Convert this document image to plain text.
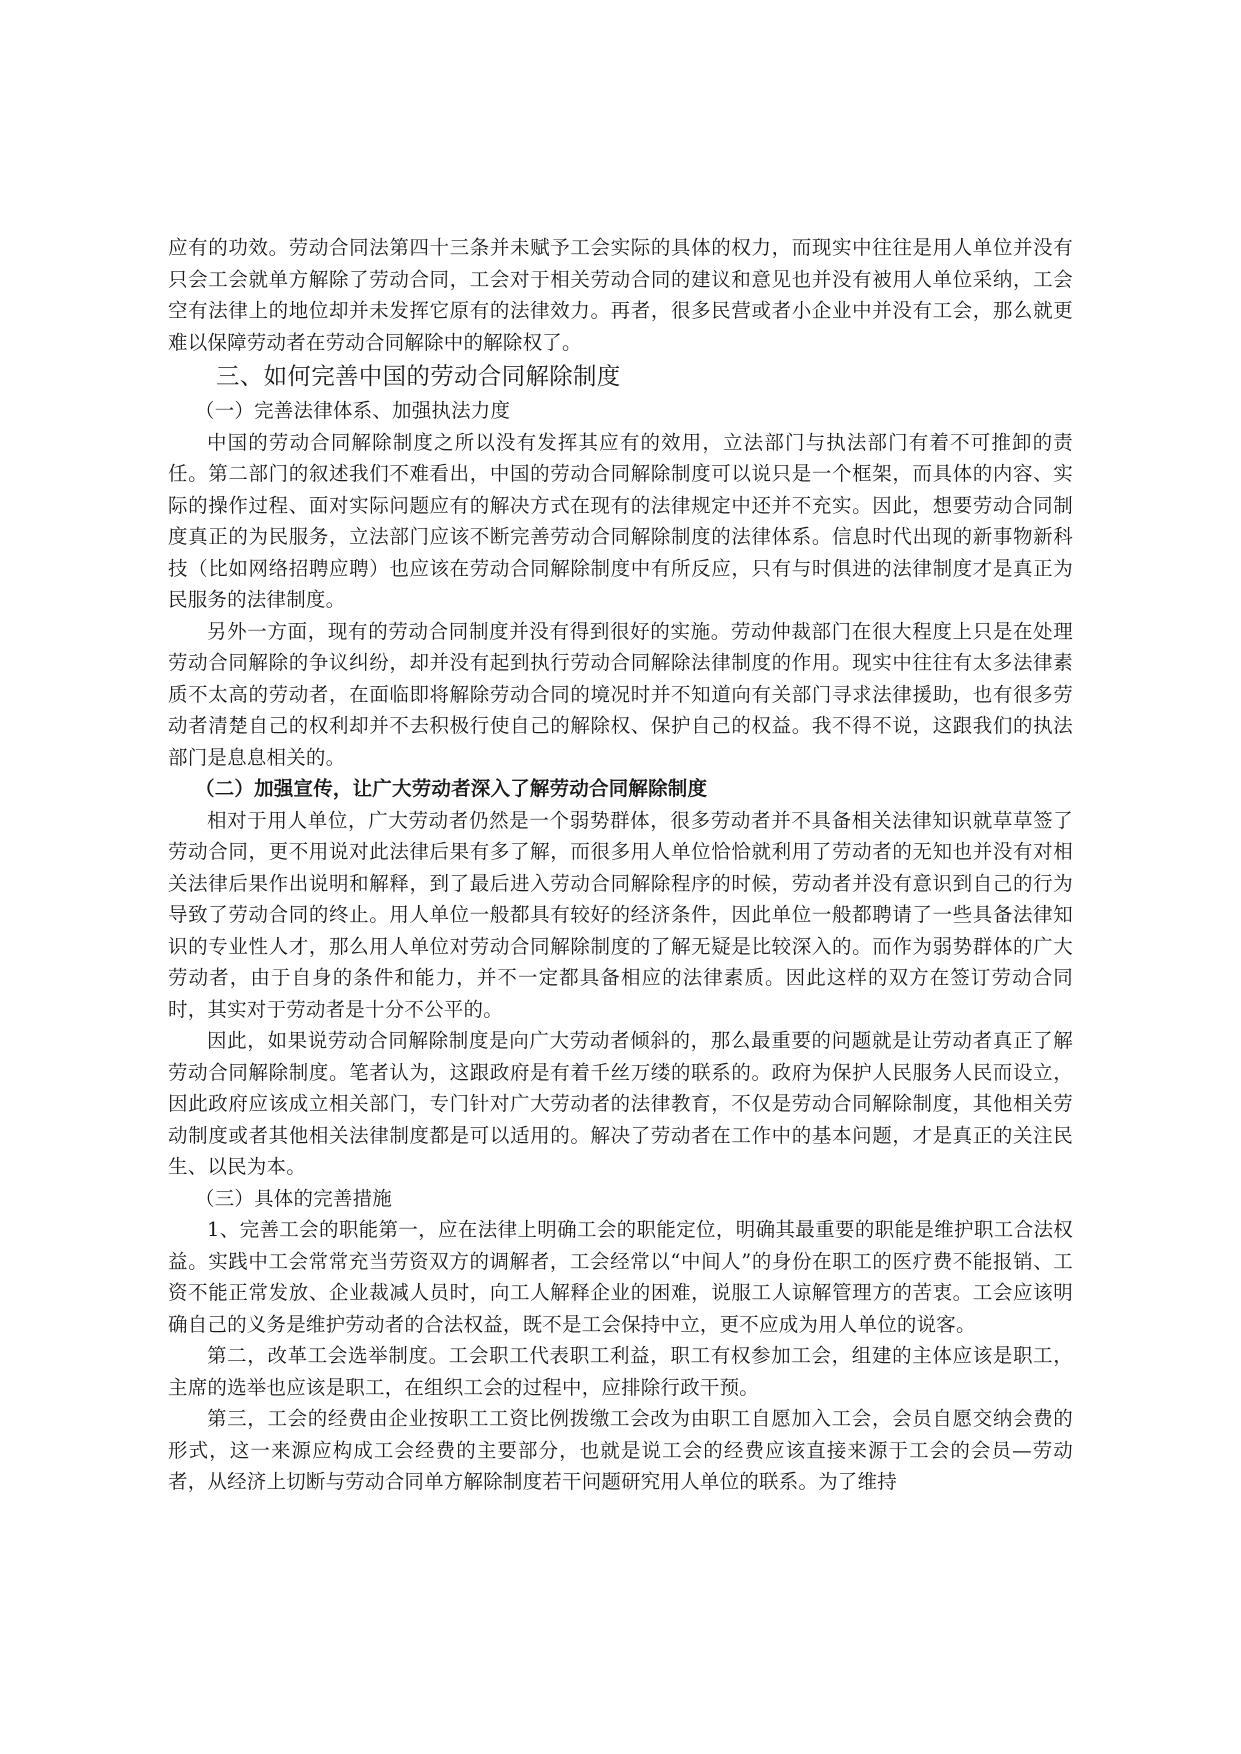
应有的功效。劳动合同法第四十三条并未赋予工会实际的具体的权力，而现实中往往是用人单位并没有只会工会就单方解除了劳动合同，工会对于相关劳动合同的建议和意见也并没有被用人单位采纳，工会空有法律上的地位却并未发挥它原有的法律效力。再者，很多民营或者小企业中并没有工会，那么就更难以保障劳动者在劳动合同解除中的解除权了。

三、如何完善中国的劳动合同解除制度
（一）完善法律体系、加强执法力度

中国的劳动合同解除制度之所以没有发挥其应有的效用，立法部门与执法部门有着不可推卸的责任。第二部门的叙述我们不难看出，中国的劳动合同解除制度可以说只是一个框架，而具体的内容、实际的操作过程、面对实际问题应有的解决方式在现有的法律规定中还并不充实。因此，想要劳动合同制度真正的为民服务，立法部门应该不断完善劳动合同解除制度的法律体系。信息时代出现的新事物新科技（比如网络招聘应聘）也应该在劳动合同解除制度中有所反应，只有与时俱进的法律制度才是真正为民服务的法律制度。

另外一方面，现有的劳动合同制度并没有得到很好的实施。劳动仲裁部门在很大程度上只是在处理劳动合同解除的争议纠纷，却并没有起到执行劳动合同解除法律制度的作用。现实中往往有太多法律素质不太高的劳动者，在面临即将解除劳动合同的境况时并不知道向有关部门寻求法律援助，也有很多劳动者清楚自己的权利却并不去积极行使自己的解除权、保护自己的权益。我不得不说，这跟我们的执法部门是息息相关的。

（二）加强宣传，让广大劳动者深入了解劳动合同解除制度

相对于用人单位，广大劳动者仍然是一个弱势群体，很多劳动者并不具备相关法律知识就草草签了劳动合同，更不用说对此法律后果有多了解，而很多用人单位恰恰就利用了劳动者的无知也并没有对相关法律后果作出说明和解释，到了最后进入劳动合同解除程序的时候，劳动者并没有意识到自己的行为导致了劳动合同的终止。用人单位一般都具有较好的经济条件，因此单位一般都聘请了一些具备法律知识的专业性人才，那么用人单位对劳动合同解除制度的了解无疑是比较深入的。而作为弱势群体的广大劳动者，由于自身的条件和能力，并不一定都具备相应的法律素质。因此这样的双方在签订劳动合同时，其实对于劳动者是十分不公平的。

因此，如果说劳动合同解除制度是向广大劳动者倾斜的，那么最重要的问题就是让劳动者真正了解劳动合同解除制度。笔者认为，这跟政府是有着千丝万缕的联系的。政府为保护人民服务人民而设立，因此政府应该成立相关部门，专门针对广大劳动者的法律教育，不仅是劳动合同解除制度，其他相关劳动制度或者其他相关法律制度都是可以适用的。解决了劳动者在工作中的基本问题，才是真正的关注民生、以民为本。

（三）具体的完善措施

1、完善工会的职能第一，应在法律上明确工会的职能定位，明确其最重要的职能是维护职工合法权益。实践中工会常常充当劳资双方的调解者，工会经常以“中间人”的身份在职工的医疗费不能报销、工资不能正常发放、企业裁减人员时，向工人解释企业的困难，说服工人谅解管理方的苦衷。工会应该明确自己的义务是维护劳动者的合法权益，既不是工会保持中立，更不应成为用人单位的说客。

第二，改革工会选举制度。工会职工代表职工利益，职工有权参加工会，组建的主体应该是职工，主席的选举也应该是职工，在组织工会的过程中，应排除行政干预。

第三，工会的经费由企业按职工工资比例拨缴工会改为由职工自愿加入工会，会员自愿交纳会费的形式，这一来源应构成工会经费的主要部分，也就是说工会的经费应该直接来源于工会的会员—劳动者，从经济上切断与劳动合同单方解除制度若干问题研究用人单位的联系。为了维持
